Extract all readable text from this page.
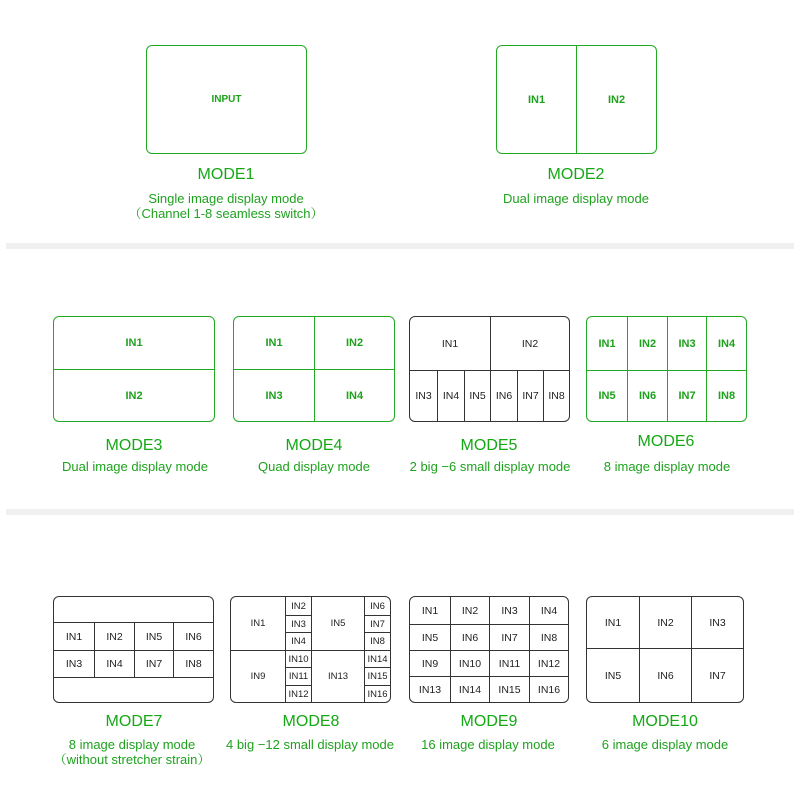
INPUT
MODE1
Single image display mode
（Channel 1-8 seamless switch）
IN1	IN2
MODE2
Dual image display mode
IN1
IN2
MODE3
Dual image display mode
IN1	IN2
IN3	IN4
MODE4
Quad display mode
IN1	IN2
IN3	IN4 IN5 IN6 IN7 IN8
MODE5
2 big −6 small display mode
IN1	IN2	IN3	IN4
IN5	IN6	IN7	IN8
MODE6
8 image display mode
IN1	IN2	IN5	IN6
IN3	IN4	IN7	IN8
MODE7
8 image display mode
（without stretcher strain）
IN1
IN2
IN3
IN4
IN5
IN6
IN7
IN8
IN9
IN10
IN11
IN12
IN13
IN14
IN15
IN16
MODE8
4 big −12 small display mode
IN1	IN2	IN3	IN4
IN5	IN6	IN7	IN8
IN9	IN10	IN11	IN12
IN13	IN14	IN15	IN16
MODE9
16 image display mode
IN1	IN2	IN3
IN5	IN6	IN7
MODE10
6 image display mode
